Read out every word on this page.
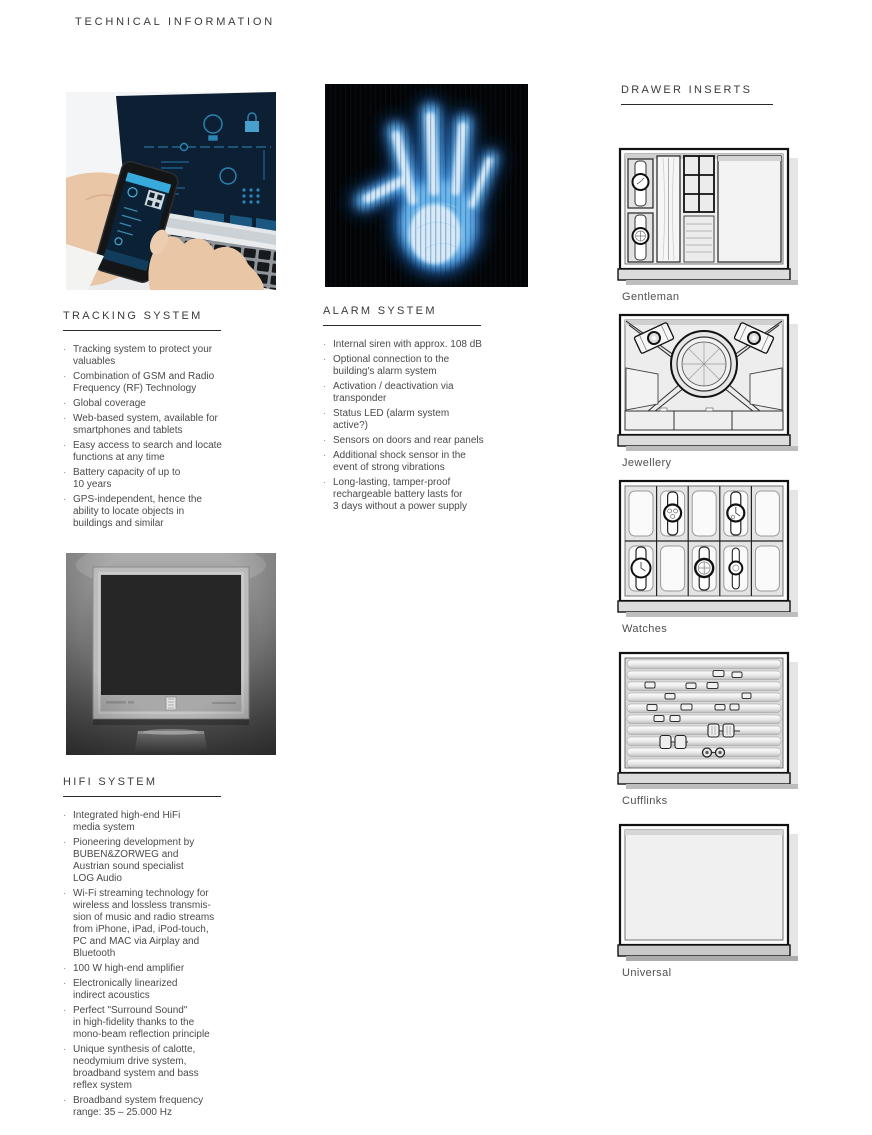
TECHNICAL INFORMATION
TRACKING SYSTEM
· Tracking system to protect your
valuables
· Combination of GSM and Radio
Frequency (RF) Technology
· Global coverage
· Web-based system, available for
smartphones and tablets
· Easy access to search and locate
functions at any time
· Battery capacity of up to
10 years
· GPS-independent, hence the
ability to locate objects in
buildings and similar
ALARM SYSTEM
· Internal siren with approx. 108 dB
· Optional connection to the
building's alarm system
· Activation / deactivation via
transponder
· Status LED (alarm system
active?)
· Sensors on doors and rear panels
· Additional shock sensor in the
event of strong vibrations
· Long-lasting, tamper-proof
rechargeable battery lasts for
3 days without a power supply
HIFI SYSTEM
· Integrated high-end HiFi
media system
· Pioneering development by
BUBEN&ZORWEG and
Austrian sound specialist
LOG Audio
· Wi-Fi streaming technology for
wireless and lossless transmis-
sion of music and radio streams
from iPhone, iPad, iPod-touch,
PC and MAC via Airplay and
Bluetooth
· 100 W high-end amplifier
· Electronically linearized
indirect acoustics
· Perfect "Surround Sound"
in high-fidelity thanks to the
mono-beam reflection principle
· Unique synthesis of calotte,
neodymium drive system,
broadband system and bass
reflex system
· Broadband system frequency
range: 35 – 25.000 Hz
DRAWER INSERTS
Gentleman
Jewellery
Watches
Cufflinks
Universal
